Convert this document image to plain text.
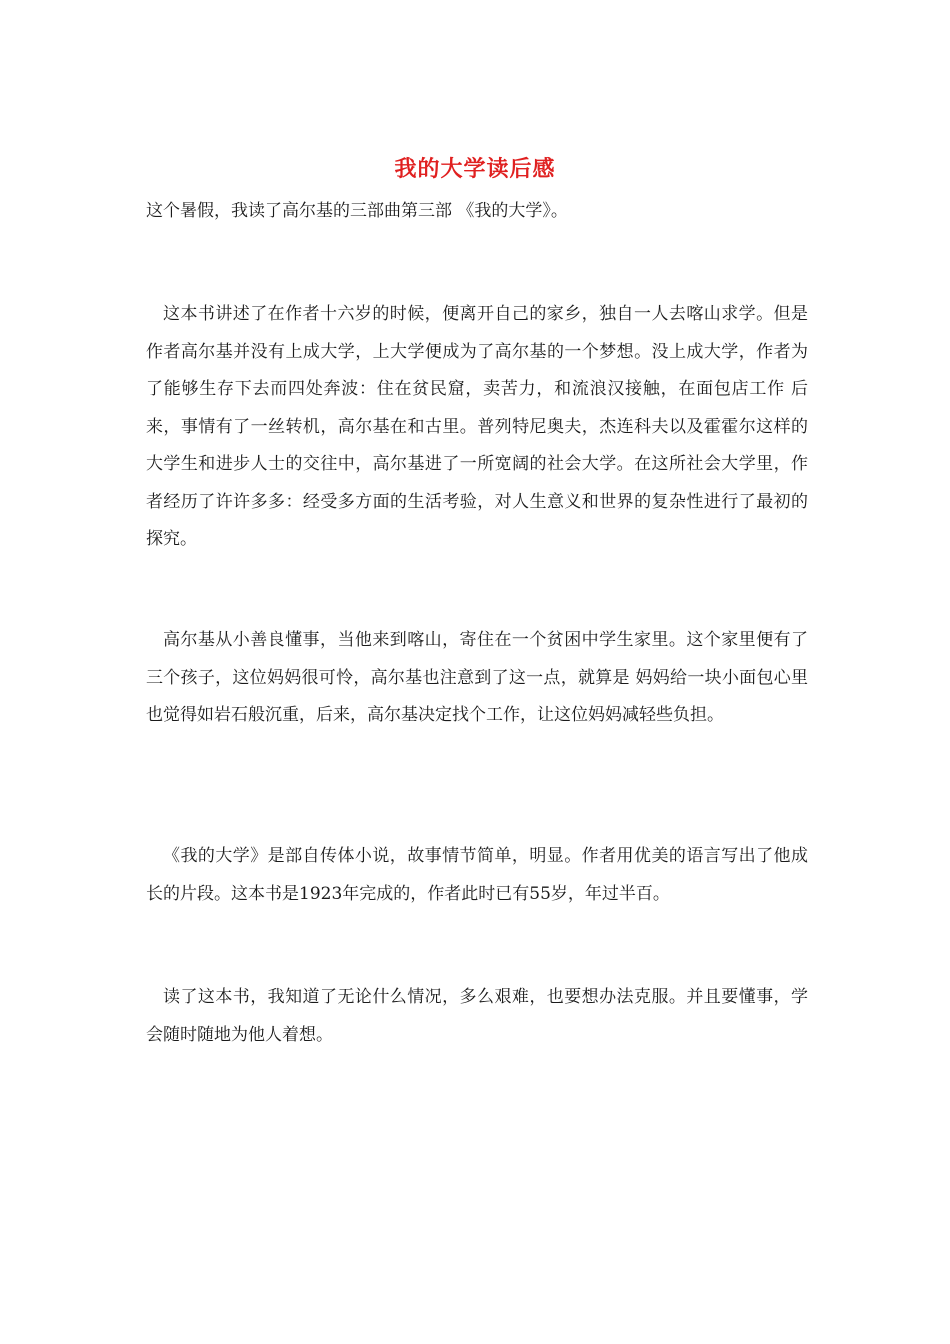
我的大学读后感
这个暑假，我读了高尔基的三部曲第三部 《我的大学》。
这本书讲述了在作者十六岁的时候，便离开自己的家乡，独自一人去喀山求学。但是作者高尔基并没有上成大学，上大学便成为了高尔基的一个梦想。没上成大学，作者为了能够生存下去而四处奔波：住在贫民窟，卖苦力，和流浪汉接触，在面包店工作 后来，事情有了一丝转机，高尔基在和古里。普列特尼奥夫，杰连科夫以及霍霍尔这样的大学生和进步人士的交往中，高尔基进了一所宽阔的社会大学。在这所社会大学里，作者经历了许许多多：经受多方面的生活考验，对人生意义和世界的复杂性进行了最初的探究。
高尔基从小善良懂事，当他来到喀山，寄住在一个贫困中学生家里。这个家里便有了三个孩子，这位妈妈很可怜，高尔基也注意到了这一点，就算是 妈妈给一块小面包心里也觉得如岩石般沉重，后来，高尔基决定找个工作，让这位妈妈减轻些负担。
《我的大学》是部自传体小说，故事情节简单，明显。作者用优美的语言写出了他成长的片段。这本书是1923年完成的，作者此时已有55岁，年过半百。
读了这本书，我知道了无论什么情况，多么艰难，也要想办法克服。并且要懂事，学会随时随地为他人着想。
